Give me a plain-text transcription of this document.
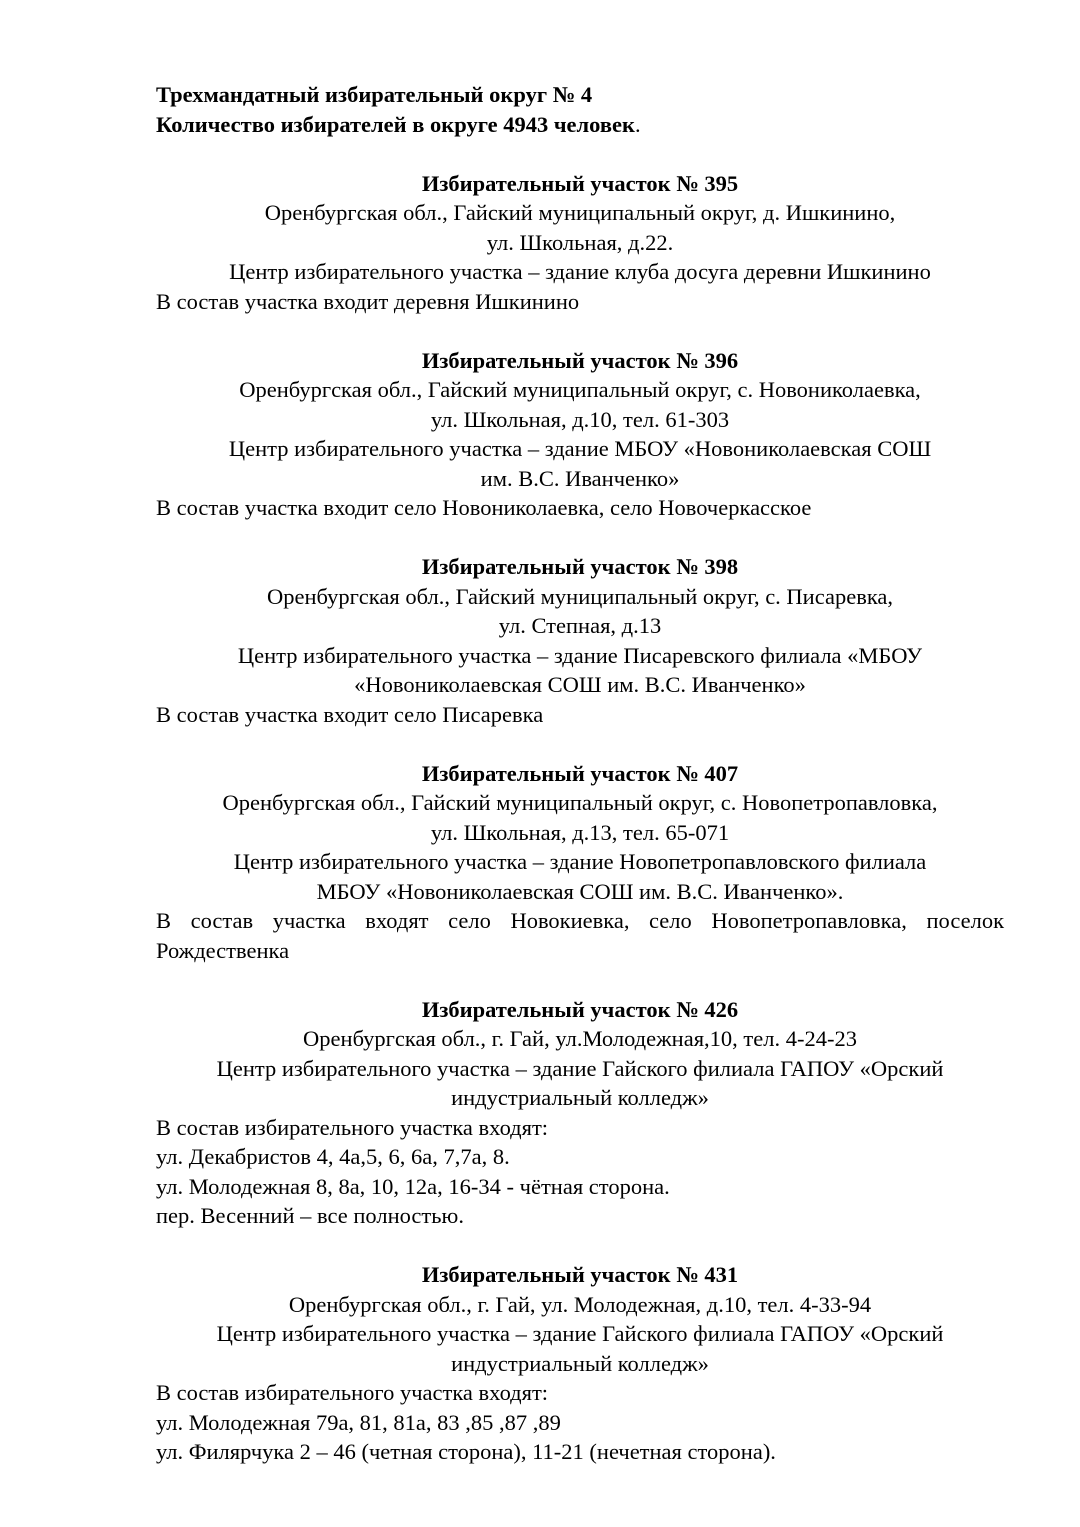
Трехмандатный избирательный округ № 4

Количество избирателей в округе 4943 человек.

Избирательный участок № 395

Оренбургская обл., Гайский муниципальный округ, д. Ишкинино,

ул. Школьная, д.22.

Центр избирательного участка – здание клуба досуга деревни Ишкинино

В состав участка входит деревня Ишкинино

Избирательный участок № 396

Оренбургская обл., Гайский муниципальный округ, с. Новониколаевка,

ул. Школьная, д.10, тел. 61-303

Центр избирательного участка – здание МБОУ «Новониколаевская СОШ

им. В.С. Иванченко»

В состав участка входит село Новониколаевка, село Новочеркасское

Избирательный участок № 398

Оренбургская обл., Гайский муниципальный округ, с. Писаревка,

ул. Степная, д.13

Центр избирательного участка – здание Писаревского филиала «МБОУ

«Новониколаевская СОШ им. В.С. Иванченко»

В состав участка входит село Писаревка

Избирательный участок № 407

Оренбургская обл., Гайский муниципальный округ, с. Новопетропавловка,

ул. Школьная, д.13, тел. 65-071

Центр избирательного участка – здание Новопетропавловского филиала

МБОУ «Новониколаевская СОШ им. В.С. Иванченко».

В состав участка входят село Новокиевка, село Новопетропавловка, поселок Рождественка

Избирательный участок № 426

Оренбургская обл., г. Гай, ул.Молодежная,10, тел. 4-24-23

Центр избирательного участка – здание Гайского филиала ГАПОУ «Орский

индустриальный колледж»

В состав избирательного участка входят:

ул. Декабристов 4, 4а,5, 6, 6а, 7,7а, 8.

ул. Молодежная 8, 8а, 10, 12а, 16-34 - чётная сторона.

пер. Весенний – все полностью.

Избирательный участок № 431

Оренбургская обл., г. Гай, ул. Молодежная, д.10, тел. 4-33-94

Центр избирательного участка – здание Гайского филиала ГАПОУ «Орский

индустриальный колледж»

В состав избирательного участка входят:

ул. Молодежная 79а, 81, 81а, 83 ,85 ,87 ,89

ул. Филярчука 2 – 46 (четная сторона), 11-21 (нечетная сторона).
